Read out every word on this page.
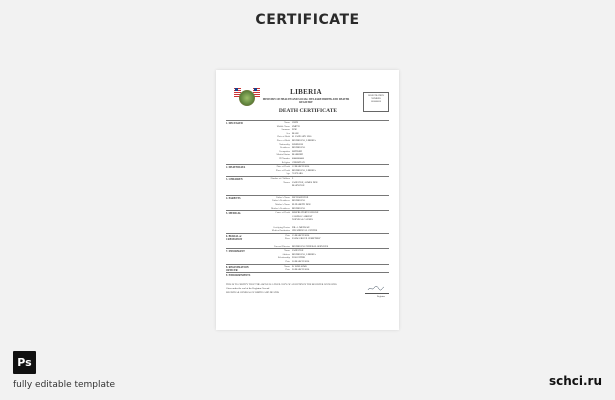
CERTIFICATE
LIBERIA
MINISTRY OF HEALTH AND SOCIAL WELFARE BIRTHS AND DEATHS REGISTRY
DEATH CERTIFICATE
REGISTRATION
NUMBER
000000000
1. DECEASED	Name JOHN
Middle Name SMITH
Surname DOE
Sex MALE
Date of Birth 01 JANUARY 1950
Place of Birth MONROVIA, LIBERIA
Nationality LIBERIAN
Residence MONROVIA
Occupation RETIRED
Marital Status MARRIED
ID Number 0000000000
Religion CHRISTIAN
2. DEATH DATA	Date of Death 12 MARCH 2020
Place of Death MONROVIA, LIBERIA
Age 70 YEARS
3. CHILDREN	Number of Children 3
Names JANE DOE, JAMES DOE
MARY DOE
4. PARENTS	Father's Name RICHARD DOE
Father's Residence MONROVIA
Mother's Name ELIZABETH DOE
Mother's Residence MONROVIA
5. MEDICAL	Cause of Death RESPIRATORY FAILURE
CARDIAC ARREST
NATURAL CAUSES
Certifying Doctor DR. A. MENSAH
Medical Institution JFK MEDICAL CENTER
6. BURIAL or CREMATION
Date 15 MARCH 2020
Place PALM GROVE CEMETERY
Funeral Director MONROVIA FUNERAL SERVICES
7. INFORMANT	Name JANE DOE
Address MONROVIA, LIBERIA
Relationship DAUGHTER
Date 20 MARCH 2020
8. REGISTRATION OFFICER
Name R. WILLIAMS
Date 20 MARCH 2020
9. ENDORSEMENTS
THIS IS TO CERTIFY THAT THE ABOVE IS A TRUE COPY OF AN ENTRY IN THE REGISTER OF DEATHS
Given under the seal of the Registrar General
REGISTRAR GENERAL OF BIRTHS AND DEATHS
Registrar
Ps
fully editable template	schci.ru
